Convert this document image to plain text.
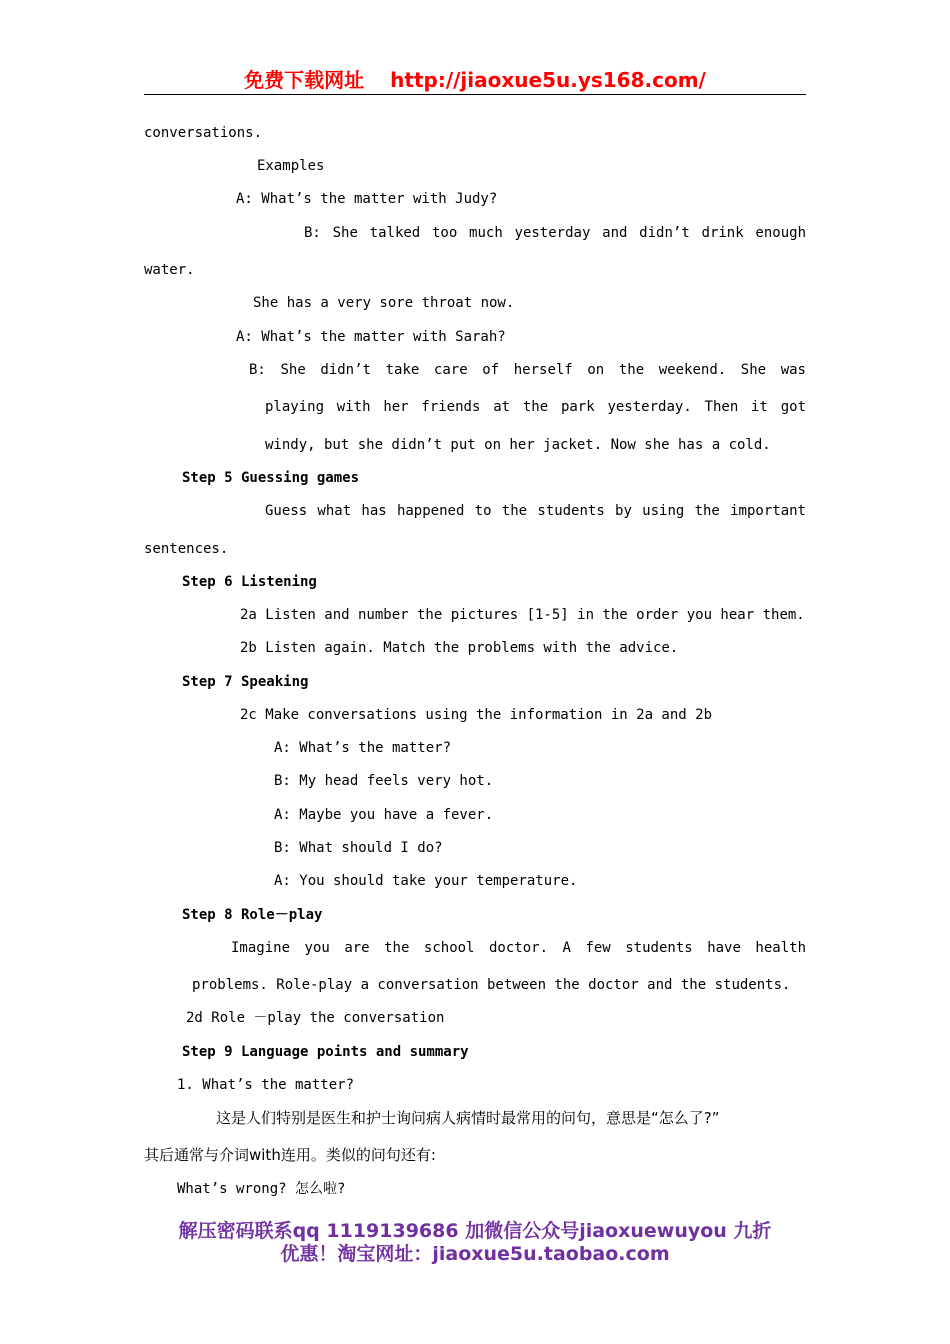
免费下载网址 http://jiaoxue5u.ys168.com/
conversations.
Examples
A: What’s the matter with Judy?
B: She talked too much yesterday and didn’t drink enough
water.
She has a very sore throat now.
A: What’s the matter with Sarah?
B: She didn’t take care of herself on the weekend. She was
playing with her friends at the park yesterday. Then it got
windy, but she didn’t put on her jacket. Now she has a cold.
Step 5 Guessing games
Guess what has happened to the students by using the important
sentences.
Step 6 Listening
2a Listen and number the pictures [1-5] in the order you hear them.
2b Listen again. Match the problems with the advice.
Step 7 Speaking
2c Make conversations using the information in 2a and 2b
A: What’s the matter?
B: My head feels very hot.
A: Maybe you have a fever.
B: What should I do?
A: You should take your temperature.
Step 8 Role－play
Imagine you are the school doctor. A few students have health
problems. Role-play a conversation between the doctor and the students.
2d Role －play the conversation
Step 9 Language points and summary
1. What’s the matter?
这是人们特别是医生和护士询问病人病情时最常用的问句，意思是“怎么了?”
其后通常与介词with连用。类似的问句还有:
What’s wrong? 怎么啦?
解压密码联系qq 1119139686 加微信公众号jiaoxuewuyou 九折
优惠！淘宝网址：jiaoxue5u.taobao.com
